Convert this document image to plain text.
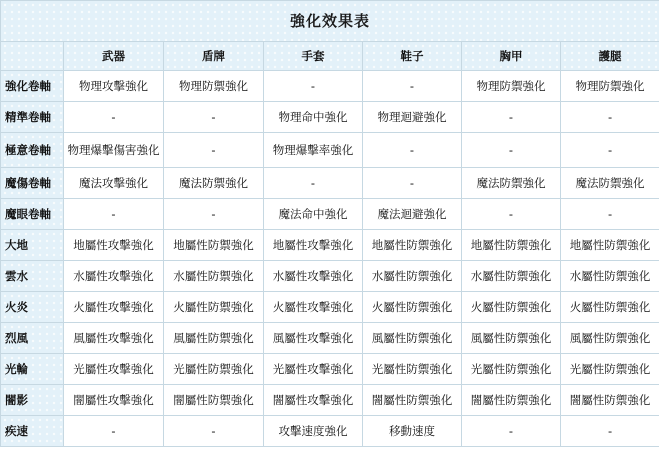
強化效果表						
	武器	盾牌	手套	鞋子	胸甲	護腿
強化卷軸	物理攻擊強化	物理防禦強化	-	-	物理防禦強化	物理防禦強化
精準卷軸	-	-	物理命中強化	物理迴避強化	-	-
極意卷軸	物理爆擊傷害強化	-	物理爆擊率強化	-	-	-
魔傷卷軸	魔法攻擊強化	魔法防禦強化	-	-	魔法防禦強化	魔法防禦強化
魔眼卷軸	-	-	魔法命中強化	魔法迴避強化	-	-
大地	地屬性攻擊強化	地屬性防禦強化	地屬性攻擊強化	地屬性防禦強化	地屬性防禦強化	地屬性防禦強化
雲水	水屬性攻擊強化	水屬性防禦強化	水屬性攻擊強化	水屬性防禦強化	水屬性防禦強化	水屬性防禦強化
火炎	火屬性攻擊強化	火屬性防禦強化	火屬性攻擊強化	火屬性防禦強化	火屬性防禦強化	火屬性防禦強化
烈風	風屬性攻擊強化	風屬性防禦強化	風屬性攻擊強化	風屬性防禦強化	風屬性防禦強化	風屬性防禦強化
光輪	光屬性攻擊強化	光屬性防禦強化	光屬性攻擊強化	光屬性防禦強化	光屬性防禦強化	光屬性防禦強化
闇影	闇屬性攻擊強化	闇屬性防禦強化	闇屬性攻擊強化	闇屬性防禦強化	闇屬性防禦強化	闇屬性防禦強化
疾速	-	-	攻擊速度強化	移動速度	-	-
